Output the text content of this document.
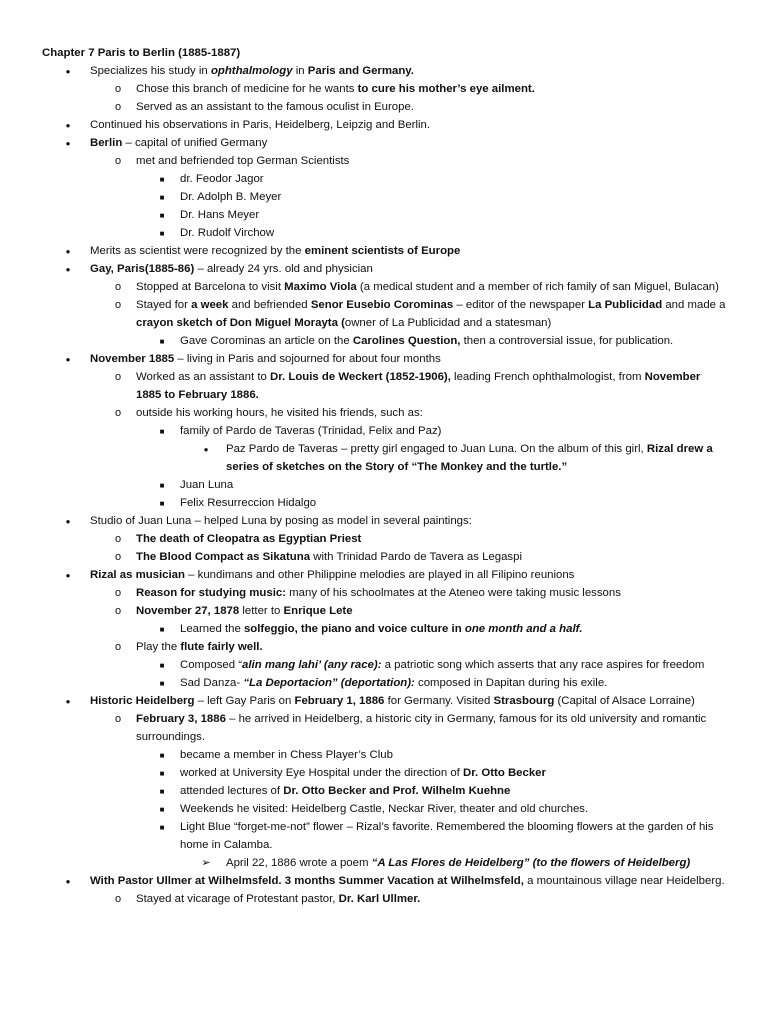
Chapter 7 Paris to Berlin (1885-1887)

●
Specializes his study in ophthalmology in Paris and Germany.
o
Chose this branch of medicine for he wants to cure his mother’s eye ailment.
o
Served as an assistant to the famous oculist in Europe.
●
Continued his observations in Paris, Heidelberg, Leipzig and Berlin.
●
Berlin – capital of unified Germany
o
met and befriended top German Scientists
■
dr. Feodor Jagor
■
Dr. Adolph B. Meyer
■
Dr. Hans Meyer
■
Dr. Rudolf Virchow
●
Merits as scientist were recognized by the eminent scientists of Europe
●
Gay, Paris(1885-86) – already 24 yrs. old and physician
o
Stopped at Barcelona to visit Maximo Viola (a medical student and a member of rich family of san Miguel, Bulacan)
o
Stayed for a week and befriended Senor Eusebio Corominas – editor of the newspaper La Publicidad and made a crayon sketch of Don Miguel Morayta (owner of La Publicidad and a statesman)
■
Gave Corominas an article on the Carolines Question, then a controversial issue, for publication.
●
November 1885 – living in Paris and sojourned for about four months
o
Worked as an assistant to Dr. Louis de Weckert (1852-1906), leading French ophthalmologist, from November 1885 to February 1886.
o
outside his working hours, he visited his friends, such as:
■
family of Pardo de Taveras (Trinidad, Felix and Paz)
●
Paz Pardo de Taveras – pretty girl engaged to Juan Luna. On the album of this girl, Rizal drew a series of sketches on the Story of “The Monkey and the turtle.”
■
Juan Luna
■
Felix Resurreccion Hidalgo
●
Studio of Juan Luna – helped Luna by posing as model in several paintings:
o
The death of Cleopatra as Egyptian Priest
o
The Blood Compact as Sikatuna with Trinidad Pardo de Tavera as Legaspi
●
Rizal as musician – kundimans and other Philippine melodies are played in all Filipino reunions
o
Reason for studying music: many of his schoolmates at the Ateneo were taking music lessons
o
November 27, 1878 letter to Enrique Lete
■
Learned the solfeggio, the piano and voice culture in one month and a half.
o
Play the flute fairly well.
■
Composed “alin mang lahi’ (any race): a patriotic song which asserts that any race aspires for freedom
■
Sad Danza- “La Deportacion” (deportation): composed in Dapitan during his exile.
●
Historic Heidelberg – left Gay Paris on February 1, 1886 for Germany. Visited Strasbourg (Capital of Alsace Lorraine)
o
February 3, 1886 – he arrived in Heidelberg, a historic city in Germany, famous for its old university and romantic surroundings.
■
became a member in Chess Player’s Club
■
worked at University Eye Hospital under the direction of Dr. Otto Becker
■
attended lectures of Dr. Otto Becker and Prof. Wilhelm Kuehne
■
Weekends he visited: Heidelberg Castle, Neckar River, theater and old churches.
■
Light Blue “forget-me-not” flower – Rizal’s favorite. Remembered the blooming flowers at the garden of his home in Calamba.
➢
April 22, 1886 wrote a poem “A Las Flores de Heidelberg” (to the flowers of Heidelberg)
●
With Pastor Ullmer at Wilhelmsfeld. 3 months Summer Vacation at Wilhelmsfeld, a mountainous village near Heidelberg.
o
Stayed at vicarage of Protestant pastor, Dr. Karl Ullmer.
